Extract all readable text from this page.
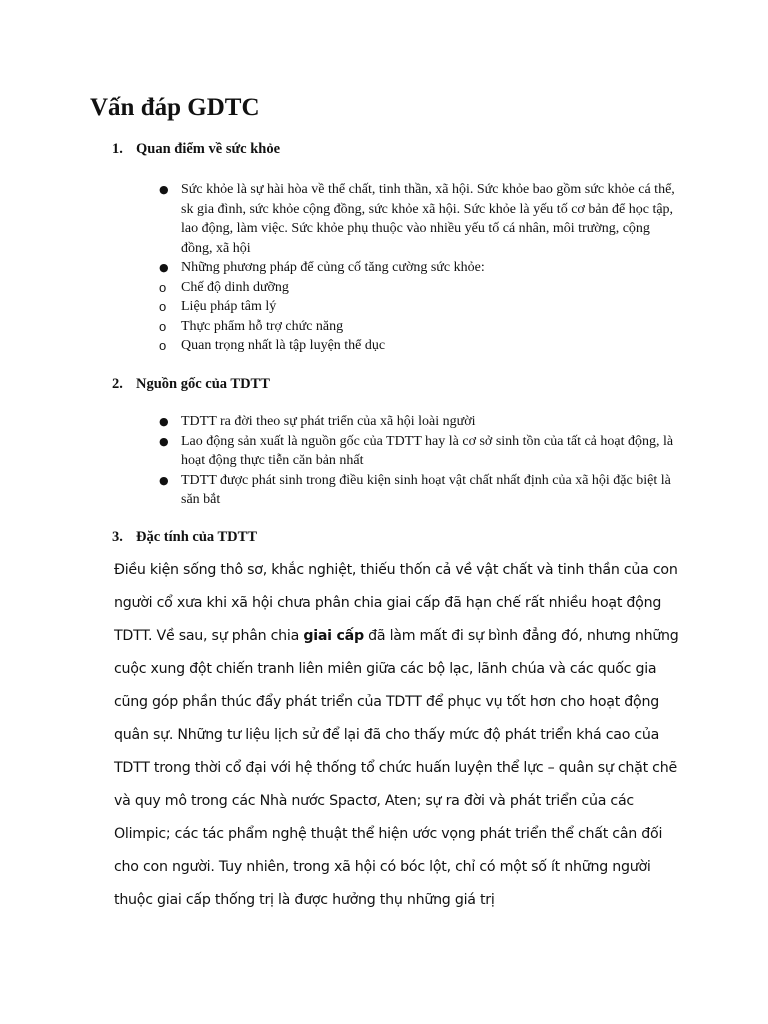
Vấn đáp GDTC
1. Quan điểm về sức khỏe
● Sức khỏe là sự hài hòa về thể chất, tinh thần, xã hội. Sức khỏe bao gồm sức khỏe cá thể, sk gia đình, sức khỏe cộng đồng, sức khỏe xã hội. Sức khỏe là yếu tố cơ bản để học tập, lao động, làm việc. Sức khỏe phụ thuộc vào nhiều yếu tố cá nhân, môi trường, cộng đồng, xã hội
● Những phương pháp để củng cố tăng cường sức khỏe:
o Chế độ dinh dưỡng
o Liệu pháp tâm lý
o Thực phẩm hỗ trợ chức năng
o Quan trọng nhất là tập luyện thể dục
2. Nguồn gốc của TDTT
● TDTT ra đời theo sự phát triển của xã hội loài người
● Lao động sản xuất là nguồn gốc của TDTT hay là cơ sở sinh tồn của tất cả hoạt động, là hoạt động thực tiễn căn bản nhất
● TDTT được phát sinh trong điều kiện sinh hoạt vật chất nhất định của xã hội đặc biệt là săn bắt
3. Đặc tính của TDTT

Điều kiện sống thô sơ, khắc nghiệt, thiếu thốn cả về vật chất và tinh thần của con người cổ xưa khi xã hội chưa phân chia giai cấp đã hạn chế rất nhiều hoạt động TDTT. Về sau, sự phân chia giai cấp đã làm mất đi sự bình đẳng đó, nhưng những cuộc xung đột chiến tranh liên miên giữa các bộ lạc, lãnh chúa và các quốc gia cũng góp phần thúc đẩy phát triển của TDTT để phục vụ tốt hơn cho hoạt động quân sự. Những tư liệu lịch sử để lại đã cho thấy mức độ phát triển khá cao của TDTT trong thời cổ đại với hệ thống tổ chức huấn luyện thể lực – quân sự chặt chẽ và quy mô trong các Nhà nước Spactơ, Aten; sự ra đời và phát triển của các Olimpic; các tác phẩm nghệ thuật thể hiện ước vọng phát triển thể chất cân đối cho con người. Tuy nhiên, trong xã hội có bóc lột, chỉ có một số ít những người thuộc giai cấp thống trị là được hưởng thụ những giá trị
